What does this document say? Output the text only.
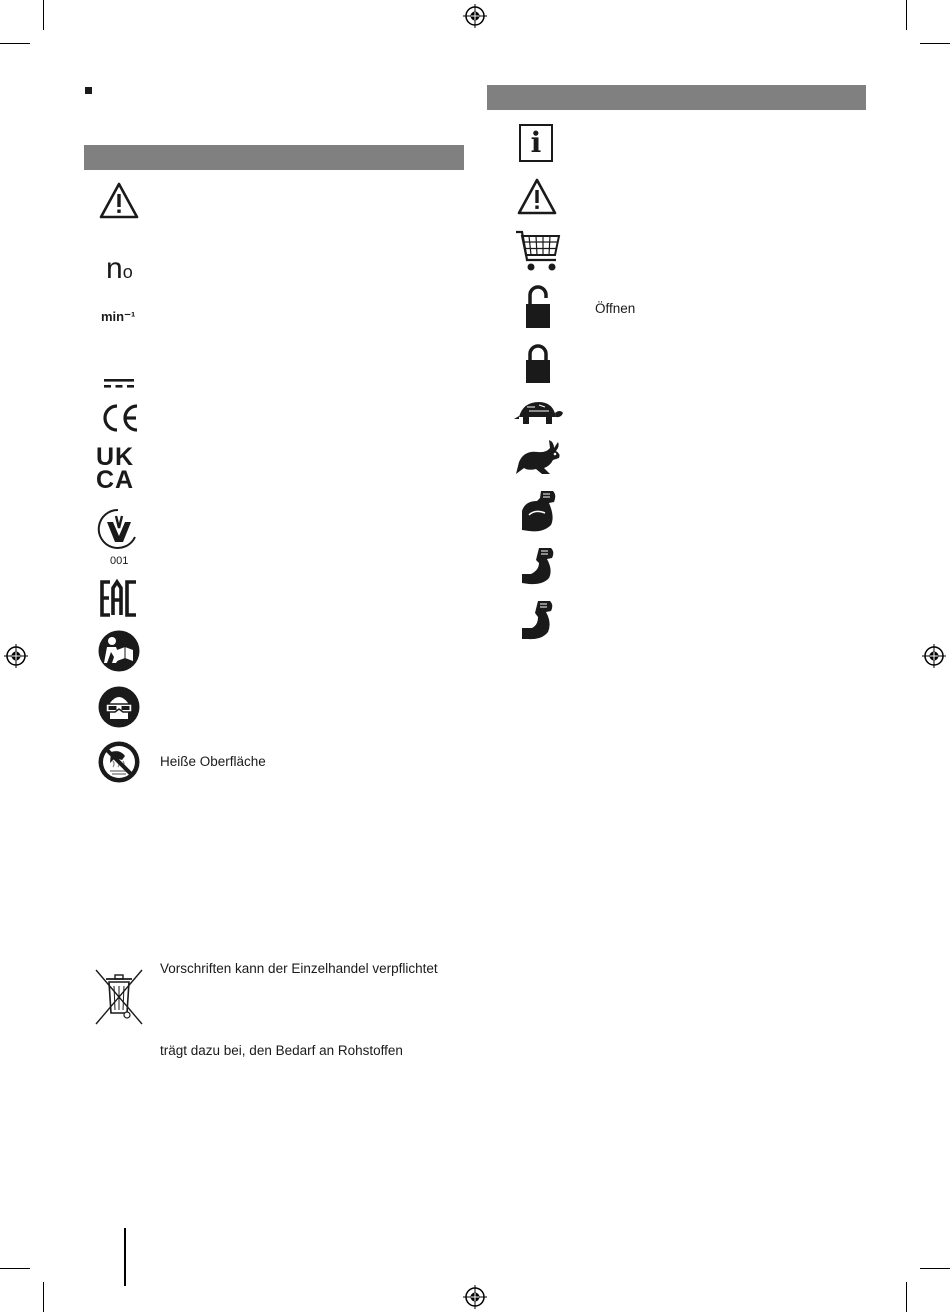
no
min⁻¹
UK
CA
001
Heiße Oberfläche
Vorschriften kann der Einzelhandel verpflichtet
trägt dazu bei, den Bedarf an Rohstoffen
i
Öffnen
